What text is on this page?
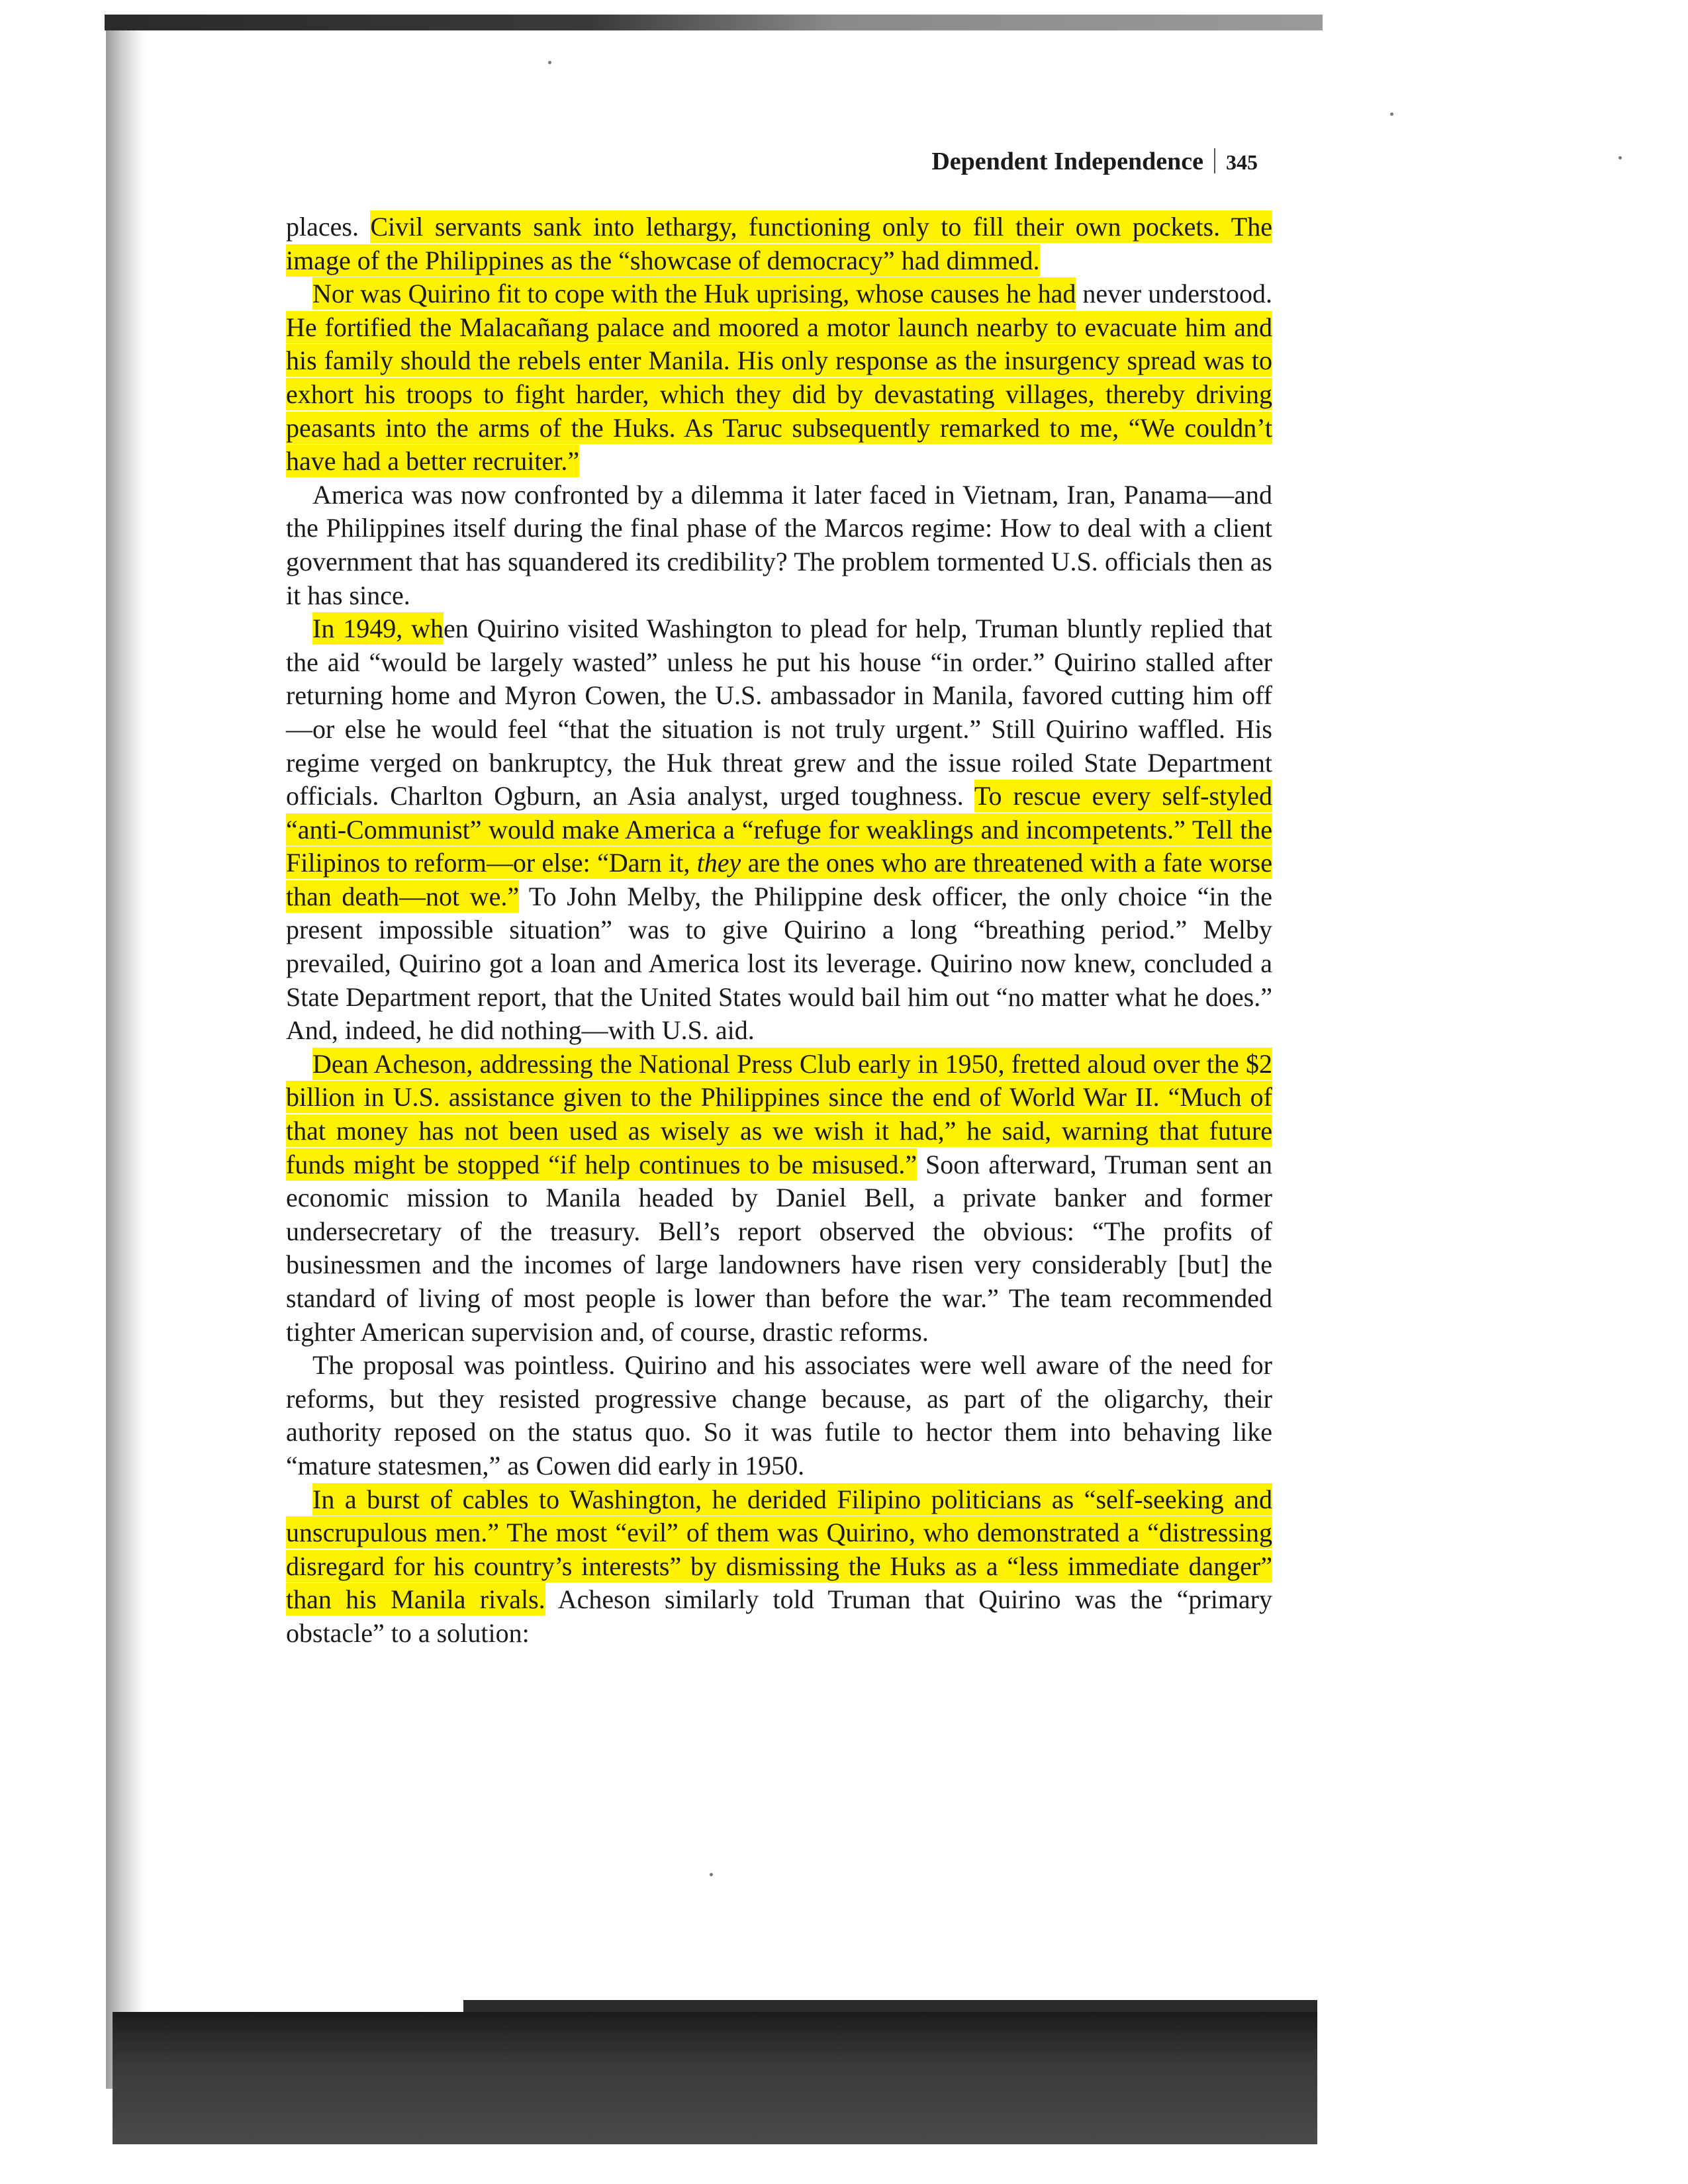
Dependent Independence 345

places. Civil servants sank into lethargy, functioning only to fill their own pockets. The image of the Philippines as the “showcase of democracy” had dimmed.

Nor was Quirino fit to cope with the Huk uprising, whose causes he had never understood. He fortified the Malacañang palace and moored a motor launch nearby to evacuate him and his family should the rebels enter Manila. His only response as the insurgency spread was to exhort his troops to fight harder, which they did by devastating villages, thereby driving peasants into the arms of the Huks. As Taruc subsequently remarked to me, “We couldn’t have had a better recruiter.”

America was now confronted by a dilemma it later faced in Vietnam, Iran, Panama—and the Philippines itself during the final phase of the Marcos regime: How to deal with a client government that has squandered its credibility? The problem tormented U.S. officials then as it has since.

In 1949, when Quirino visited Washington to plead for help, Truman bluntly replied that the aid “would be largely wasted” unless he put his house “in order.” Quirino stalled after returning home and Myron Cowen, the U.S. ambassador in Manila, favored cutting him off—or else he would feel “that the situation is not truly urgent.” Still Quirino waffled. His regime verged on bankruptcy, the Huk threat grew and the issue roiled State Department officials. Charlton Ogburn, an Asia analyst, urged toughness. To rescue every self-styled “anti-Communist” would make America a “refuge for weaklings and incompetents.” Tell the Filipinos to reform—or else: “Darn it, they are the ones who are threatened with a fate worse than death—not we.” To John Melby, the Philippine desk officer, the only choice “in the present impossible situation” was to give Quirino a long “breathing period.” Melby prevailed, Quirino got a loan and America lost its leverage. Quirino now knew, concluded a State Department report, that the United States would bail him out “no matter what he does.” And, indeed, he did nothing—with U.S. aid.

Dean Acheson, addressing the National Press Club early in 1950, fretted aloud over the $2 billion in U.S. assistance given to the Philippines since the end of World War II. “Much of that money has not been used as wisely as we wish it had,” he said, warning that future funds might be stopped “if help continues to be misused.” Soon afterward, Truman sent an economic mission to Manila headed by Daniel Bell, a private banker and former undersecretary of the treasury. Bell’s report observed the obvious: “The profits of businessmen and the incomes of large landowners have risen very considerably [but] the standard of living of most people is lower than before the war.” The team recommended tighter American supervision and, of course, drastic reforms.

The proposal was pointless. Quirino and his associates were well aware of the need for reforms, but they resisted progressive change because, as part of the oligarchy, their authority reposed on the status quo. So it was futile to hector them into behaving like “mature statesmen,” as Cowen did early in 1950.

In a burst of cables to Washington, he derided Filipino politicians as “self-seeking and unscrupulous men.” The most “evil” of them was Quirino, who demonstrated a “distressing disregard for his country’s interests” by dismissing the Huks as a “less immediate danger” than his Manila rivals. Acheson similarly told Truman that Quirino was the “primary obstacle” to a solution:
